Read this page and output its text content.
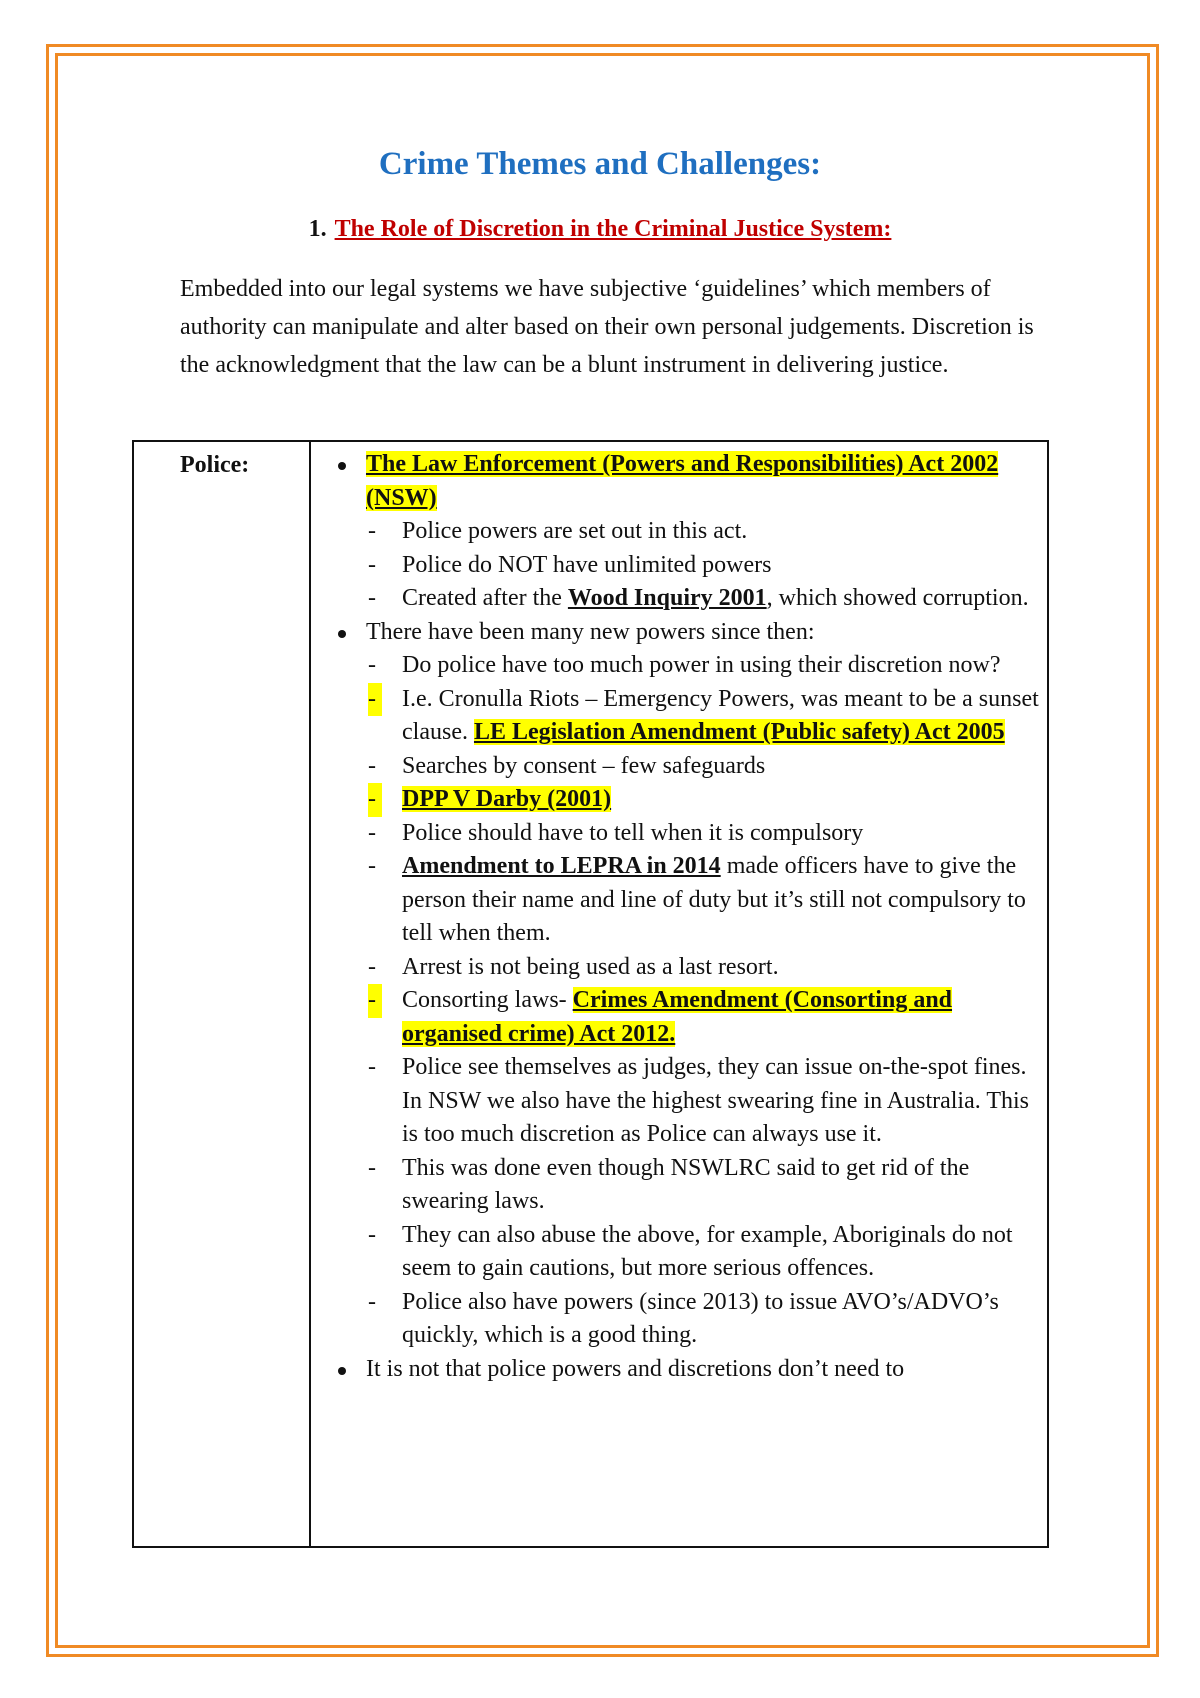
Crime Themes and Challenges:
1. The Role of Discretion in the Criminal Justice System:

Embedded into our legal systems we have subjective ‘guidelines’ which members of authority can manipulate and alter based on their own personal judgements. Discretion is the acknowledgment that the law can be a blunt instrument in delivering justice.

Police:	The Law Enforcement (Powers and Responsibilities) Act 2002 (NSW)
- Police powers are set out in this act.
- Police do NOT have unlimited powers
- Created after the Wood Inquiry 2001, which showed corruption.
There have been many new powers since then:
- Do police have too much power in using their discretion now?
- I.e. Cronulla Riots – Emergency Powers, was meant to be a sunset clause. LE Legislation Amendment (Public safety) Act 2005
- Searches by consent – few safeguards
- DPP V Darby (2001)
- Police should have to tell when it is compulsory
- Amendment to LEPRA in 2014 made officers have to give the person their name and line of duty but it’s still not compulsory to tell when them.
- Arrest is not being used as a last resort.
- Consorting laws- Crimes Amendment (Consorting and organised crime) Act 2012.
- Police see themselves as judges, they can issue on-the-spot fines. In NSW we also have the highest swearing fine in Australia. This is too much discretion as Police can always use it.
- This was done even though NSWLRC said to get rid of the swearing laws.
- They can also abuse the above, for example, Aboriginals do not seem to gain cautions, but more serious offences.
- Police also have powers (since 2013) to issue AVO’s/ADVO’s quickly, which is a good thing.
It is not that police powers and discretions don’t need to
